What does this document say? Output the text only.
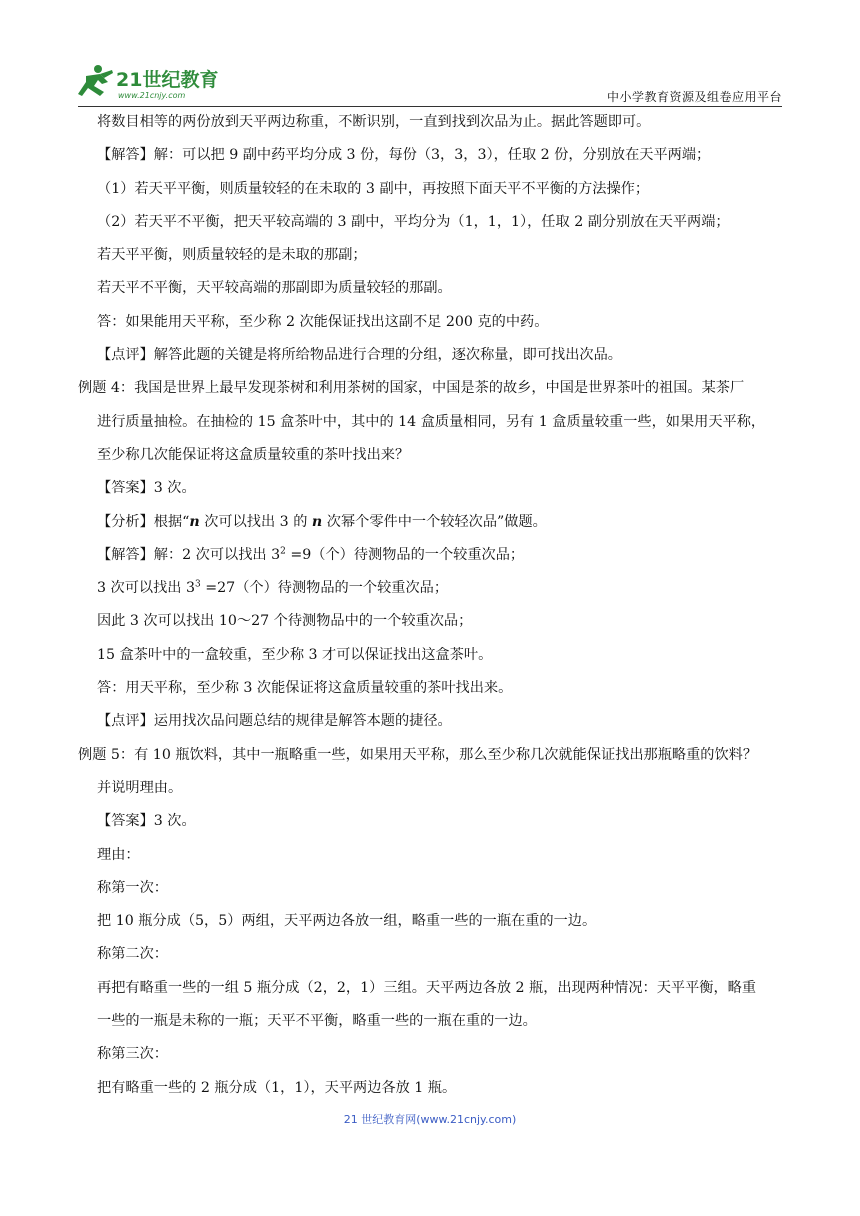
21世纪教育
www.21cnjy.com	中小学教育资源及组卷应用平台
将数目相等的两份放到天平两边称重，不断识别，一直到找到次品为止。据此答题即可。
【解答】解：可以把 9 副中药平均分成 3 份，每份（3，3，3），任取 2 份，分别放在天平两端；
（1）若天平平衡，则质量较轻的在未取的 3 副中，再按照下面天平不平衡的方法操作；
（2）若天平不平衡，把天平较高端的 3 副中，平均分为（1，1，1），任取 2 副分别放在天平两端；
若天平平衡，则质量较轻的是未取的那副；
若天平不平衡，天平较高端的那副即为质量较轻的那副。
答：如果能用天平称，至少称 2 次能保证找出这副不足 200 克的中药。
【点评】解答此题的关键是将所给物品进行合理的分组，逐次称量，即可找出次品。
例题 4：我国是世界上最早发现茶树和利用茶树的国家，中国是茶的故乡，中国是世界茶叶的祖国。某茶厂
进行质量抽检。在抽检的 15 盒茶叶中，其中的 14 盒质量相同，另有 1 盒质量较重一些，如果用天平称，
至少称几次能保证将这盒质量较重的茶叶找出来？
【答案】3 次。
【分析】根据“n 次可以找出 3 的 n 次幂个零件中一个较轻次品”做题。
【解答】解：2 次可以找出 $3^2 =9$（个）待测物品的一个较重次品；
3 次可以找出 $3^3 =27$（个）待测物品的一个较重次品；
因此 3 次可以找出 10～27 个待测物品中的一个较重次品；
15 盒茶叶中的一盒较重，至少称 3 才可以保证找出这盒茶叶。
答：用天平称，至少称 3 次能保证将这盒质量较重的茶叶找出来。
【点评】运用找次品问题总结的规律是解答本题的捷径。
例题 5：有 10 瓶饮料，其中一瓶略重一些，如果用天平称，那么至少称几次就能保证找出那瓶略重的饮料？
并说明理由。
【答案】3 次。
理由：
称第一次：
把 10 瓶分成（5，5）两组，天平两边各放一组，略重一些的一瓶在重的一边。
称第二次：
再把有略重一些的一组 5 瓶分成（2，2，1）三组。天平两边各放 2 瓶，出现两种情况：天平平衡，略重
一些的一瓶是未称的一瓶；天平不平衡，略重一些的一瓶在重的一边。
称第三次：
把有略重一些的 2 瓶分成（1，1），天平两边各放 1 瓶。
21 世纪教育网(www.21cnjy.com)
